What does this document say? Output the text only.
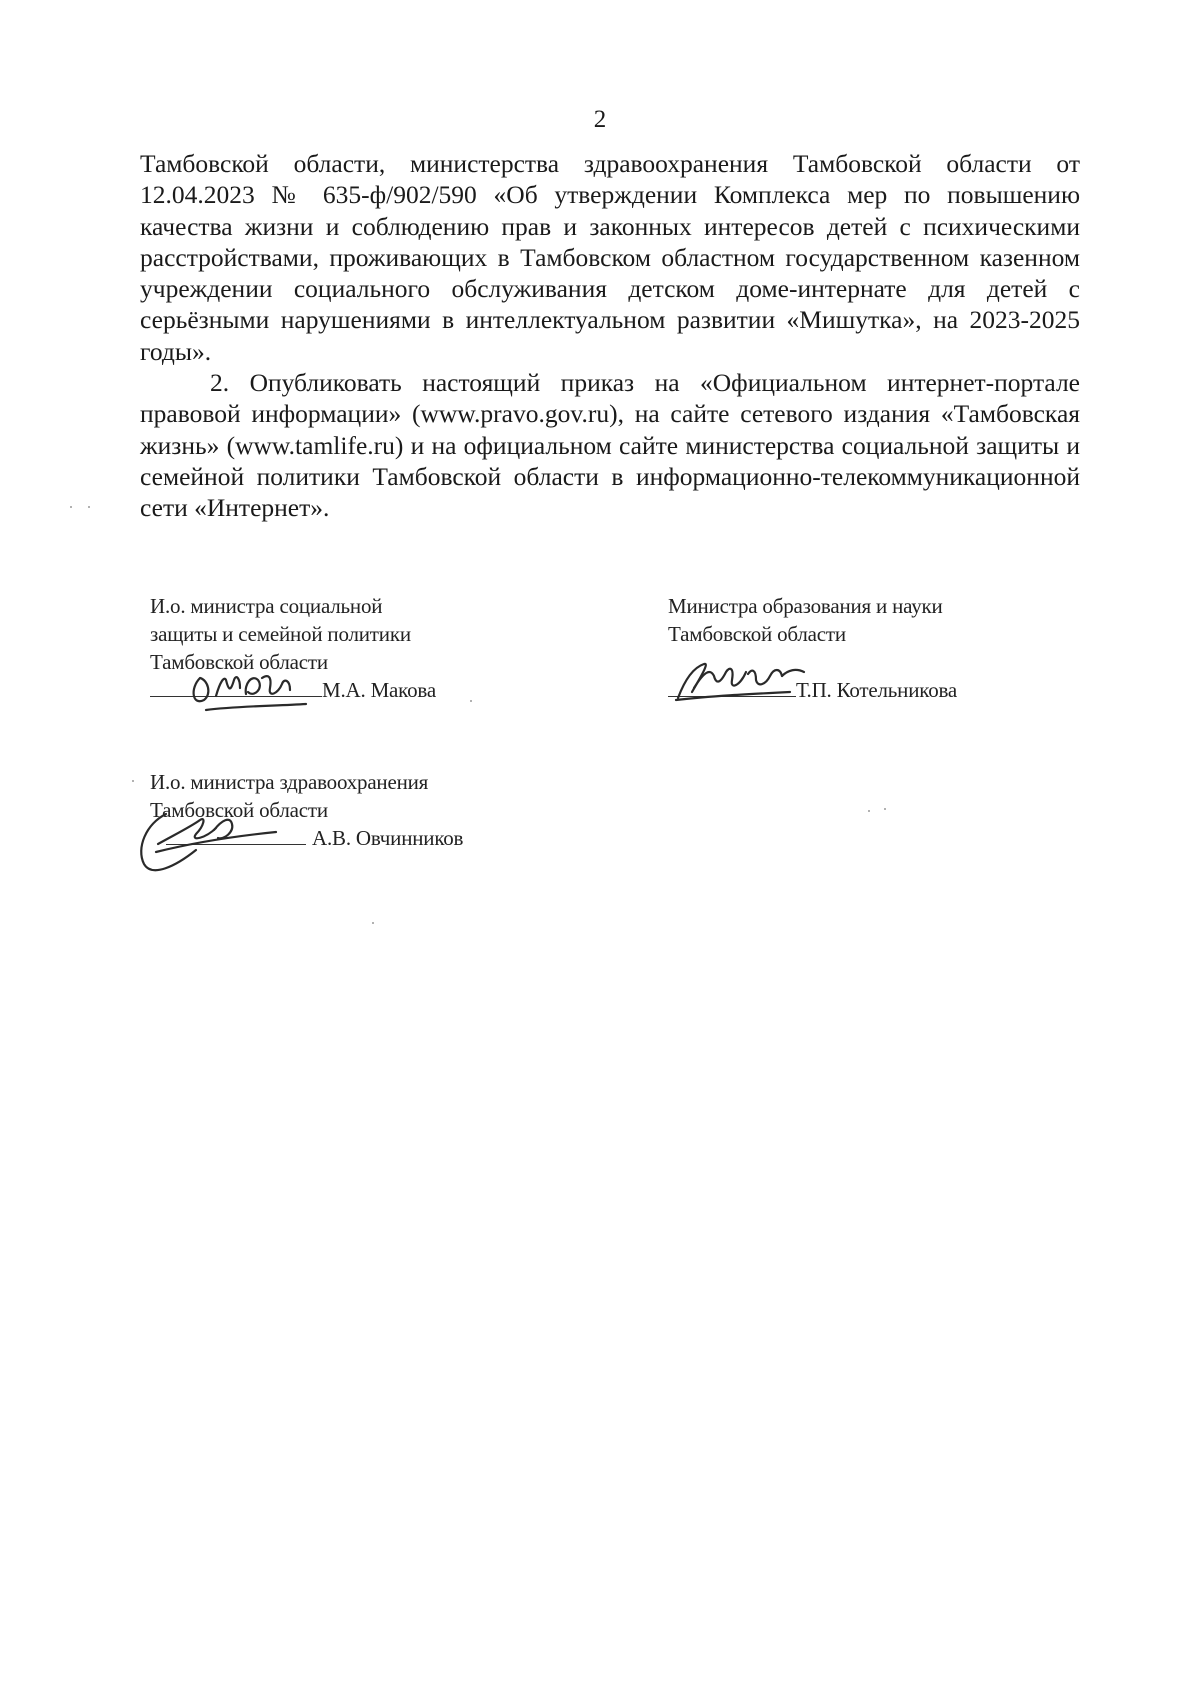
2

Тамбовской области, министерства здравоохранения Тамбовской области от 12.04.2023 № 635-ф/902/590 «Об утверждении Комплекса мер по повышению качества жизни и соблюдению прав и законных интересов детей с психическими расстройствами, проживающих в Тамбовском областном государственном казенном учреждении социального обслуживания детском доме-интернате для детей с серьёзными нарушениями в интеллектуальном развитии «Мишутка», на 2023-2025 годы».

2. Опубликовать настоящий приказ на «Официальном интернет-портале правовой информации» (www.pravo.gov.ru), на сайте сетевого издания «Тамбовская жизнь» (www.tamlife.ru) и на официальном сайте министерства социальной защиты и семейной политики Тамбовской области в информационно-телекоммуникационной сети «Интернет».

И.о. министра социальной
защиты и семейной политики
Тамбовской области
М.А. Макова
Министра образования и науки
Тамбовской области
Т.П. Котельникова
И.о. министра здравоохранения
Тамбовской области
А.В. Овчинников
